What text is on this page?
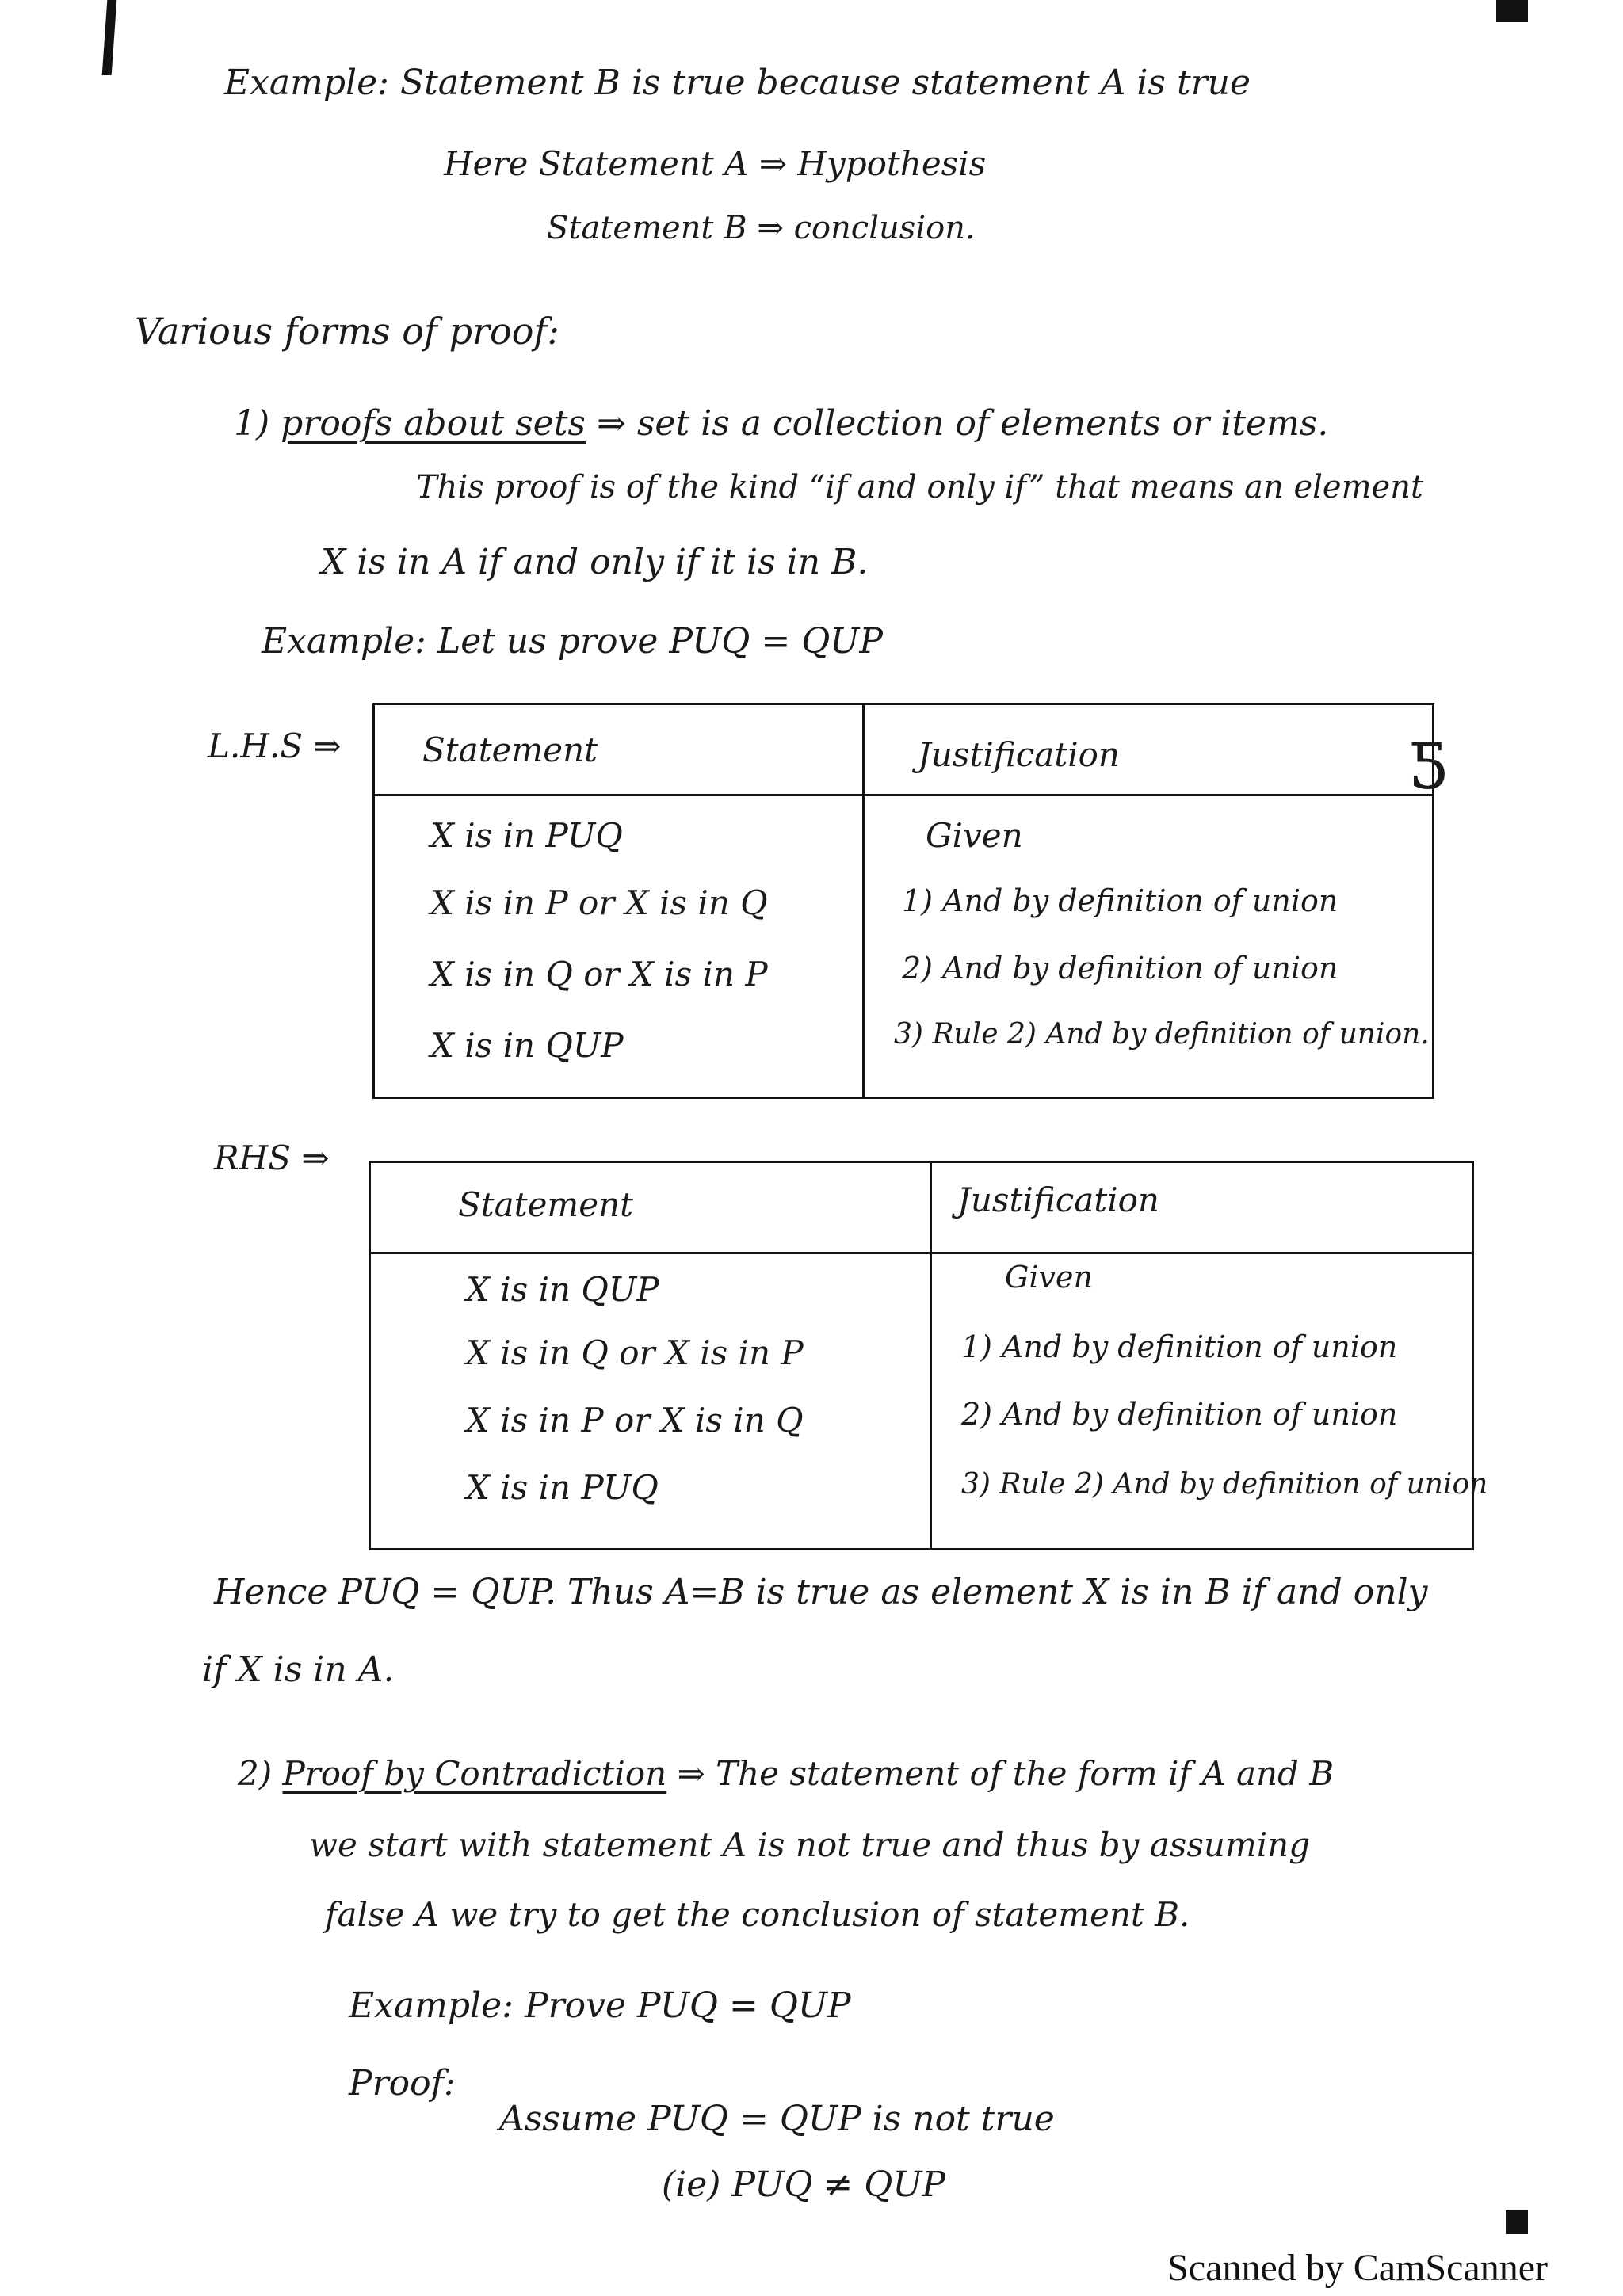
Example: Statement B is true because statement A is true
Here Statement A ⇒ Hypothesis
Statement B ⇒ conclusion.
Various forms of proof:
1) proofs about sets ⇒ set is a collection of elements or items.
This proof is of the kind “if and only if” that means an element
X is in A if and only if it is in B.
Example: Let us prove PUQ = QUP
L.H.S ⇒ Statement	Justification
X is in PUQ	Given
X is in P or X is in Q	1) And by definition of union
X is in Q or X is in P	2) And by definition of union
X is in QUP	3) Rule 2) And by definition of union.
ƽ
RHS ⇒
Statement	Justification
X is in QUP	Given
X is in Q or X is in P	1) And by definition of union
X is in P or X is in Q	2) And by definition of union
X is in PUQ	3) Rule 2) And by definition of union
Hence PUQ = QUP. Thus A=B is true as element X is in B if and only
if X is in A.
2) Proof by Contradiction ⇒ The statement of the form if A and B
we start with statement A is not true and thus by assuming
false A we try to get the conclusion of statement B.
Example: Prove PUQ = QUP
Proof:
Assume PUQ = QUP is not true
(ie) PUQ ≠ QUP
Scanned by CamScanner
